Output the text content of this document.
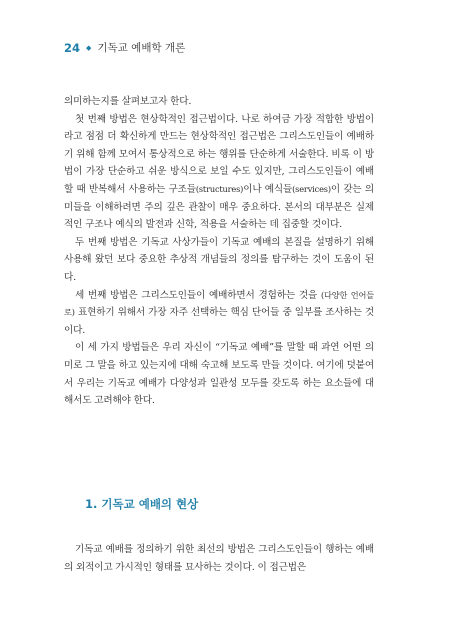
24 ◆ 기독교 예배학 개론

의미하는지를 살펴보고자 한다.

첫 번째 방법은 현상학적인 접근법이다. 나로 하여금 가장 적합한 방법이라고 점점 더 확신하게 만드는 현상학적인 접근법은 그리스도인들이 예배하기 위해 함께 모여서 통상적으로 하는 행위를 단순하게 서술한다. 비록 이 방법이 가장 단순하고 쉬운 방식으로 보일 수도 있지만, 그리스도인들이 예배할 때 반복해서 사용하는 구조들(structures)이나 예식들(services)이 갖는 의미들을 이해하려면 주의 깊은 관찰이 매우 중요하다. 본서의 대부분은 실제적인 구조나 예식의 발전과 신학, 적용을 서술하는 데 집중할 것이다.

두 번째 방법은 기독교 사상가들이 기독교 예배의 본질을 설명하기 위해 사용해 왔던 보다 중요한 추상적 개념들의 정의를 탐구하는 것이 도움이 된다.

세 번째 방법은 그리스도인들이 예배하면서 경험하는 것을 (다양한 언어들로) 표현하기 위해서 가장 자주 선택하는 핵심 단어들 중 일부를 조사하는 것이다.

이 세 가지 방법들은 우리 자신이 “기독교 예배”를 말할 때 과연 어떤 의미로 그 말을 하고 있는지에 대해 숙고해 보도록 만들 것이다. 여기에 덧붙여서 우리는 기독교 예배가 다양성과 일관성 모두를 갖도록 하는 요소들에 대해서도 고려해야 한다.

1. 기독교 예배의 현상

기독교 예배를 정의하기 위한 최선의 방법은 그리스도인들이 행하는 예배의 외적이고 가시적인 형태를 묘사하는 것이다. 이 접근법은
